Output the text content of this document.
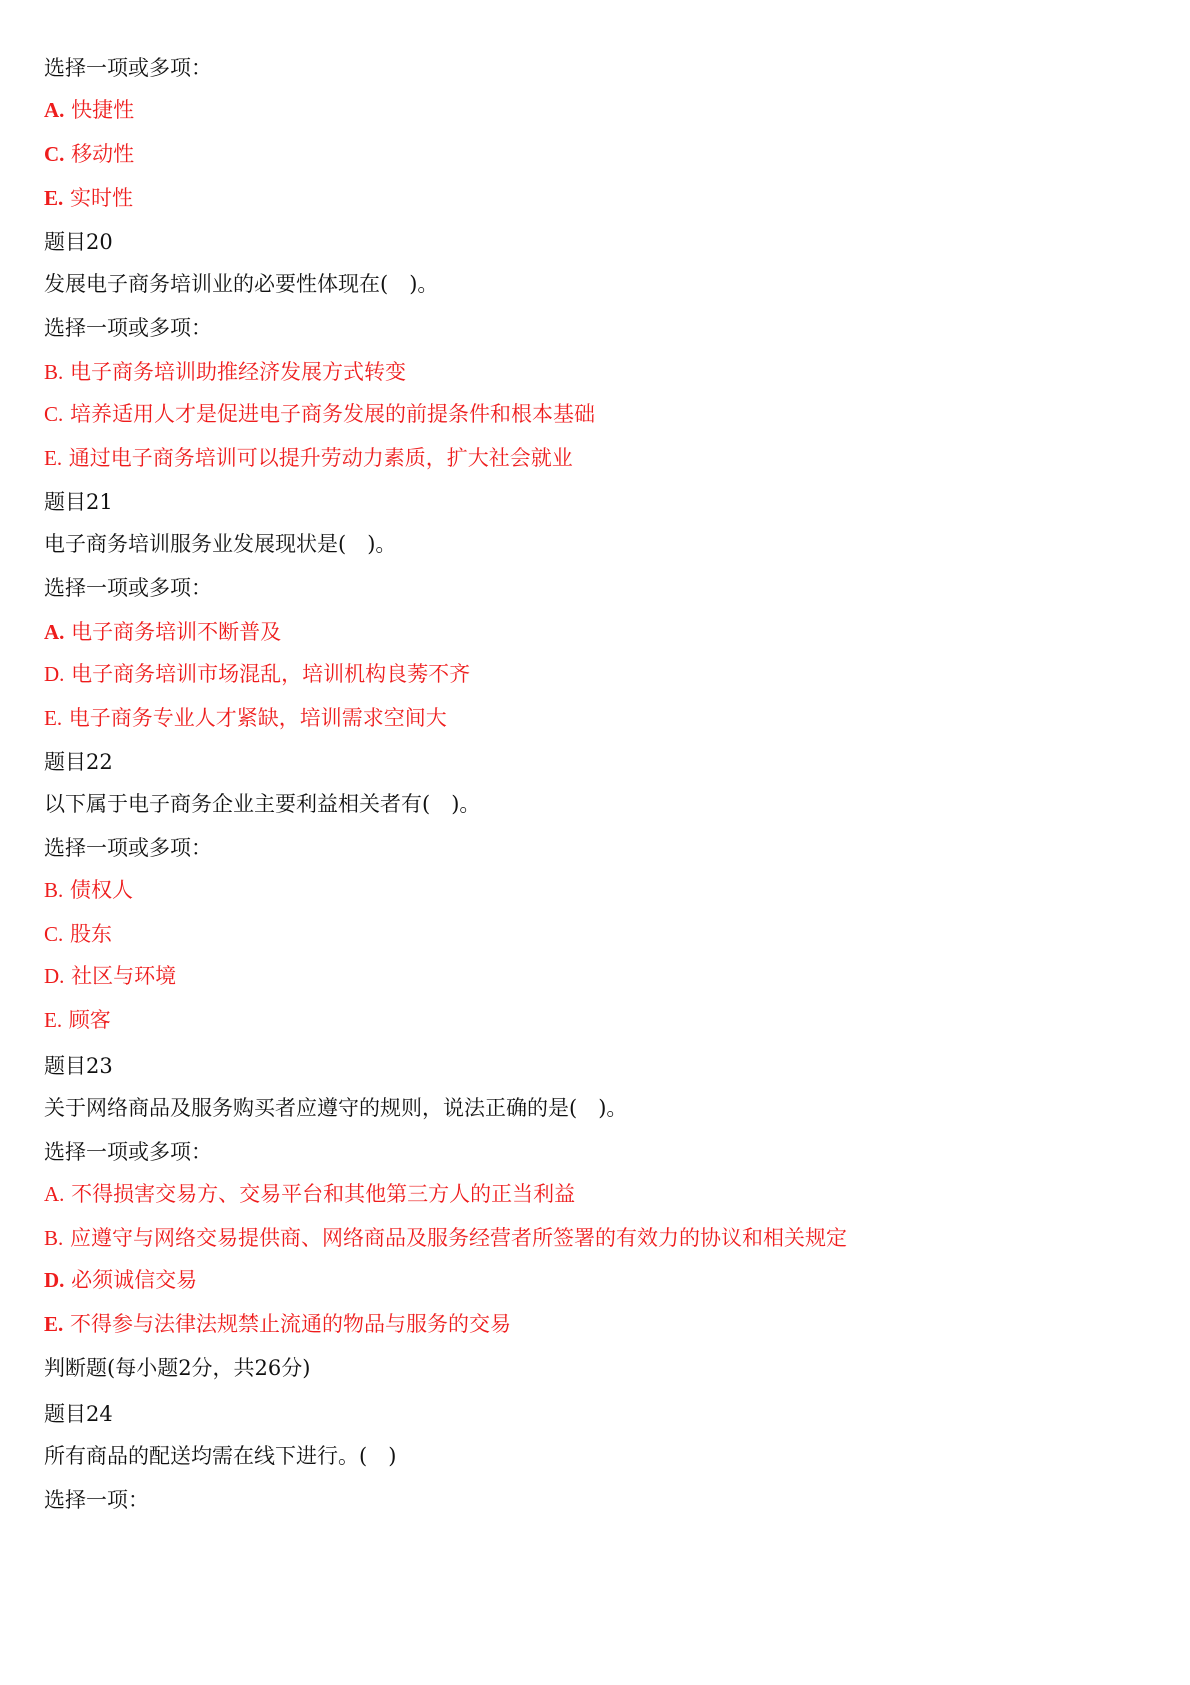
选择一项或多项：
A. 快捷性
C. 移动性
E. 实时性
题目20
发展电子商务培训业的必要性体现在(　)。
选择一项或多项：
B. 电子商务培训助推经济发展方式转变
C. 培养适用人才是促进电子商务发展的前提条件和根本基础
E. 通过电子商务培训可以提升劳动力素质，扩大社会就业
题目21
电子商务培训服务业发展现状是(　)。
选择一项或多项：
A. 电子商务培训不断普及
D. 电子商务培训市场混乱，培训机构良莠不齐
E. 电子商务专业人才紧缺，培训需求空间大
题目22
以下属于电子商务企业主要利益相关者有(　)。
选择一项或多项：
B. 债权人
C. 股东
D. 社区与环境
E. 顾客
题目23
关于网络商品及服务购买者应遵守的规则，说法正确的是(　)。
选择一项或多项：
A. 不得损害交易方、交易平台和其他第三方人的正当利益
B. 应遵守与网络交易提供商、网络商品及服务经营者所签署的有效力的协议和相关规定
D. 必须诚信交易
E. 不得参与法律法规禁止流通的物品与服务的交易
判断题(每小题2分，共26分)
题目24
所有商品的配送均需在线下进行。(　)
选择一项：
